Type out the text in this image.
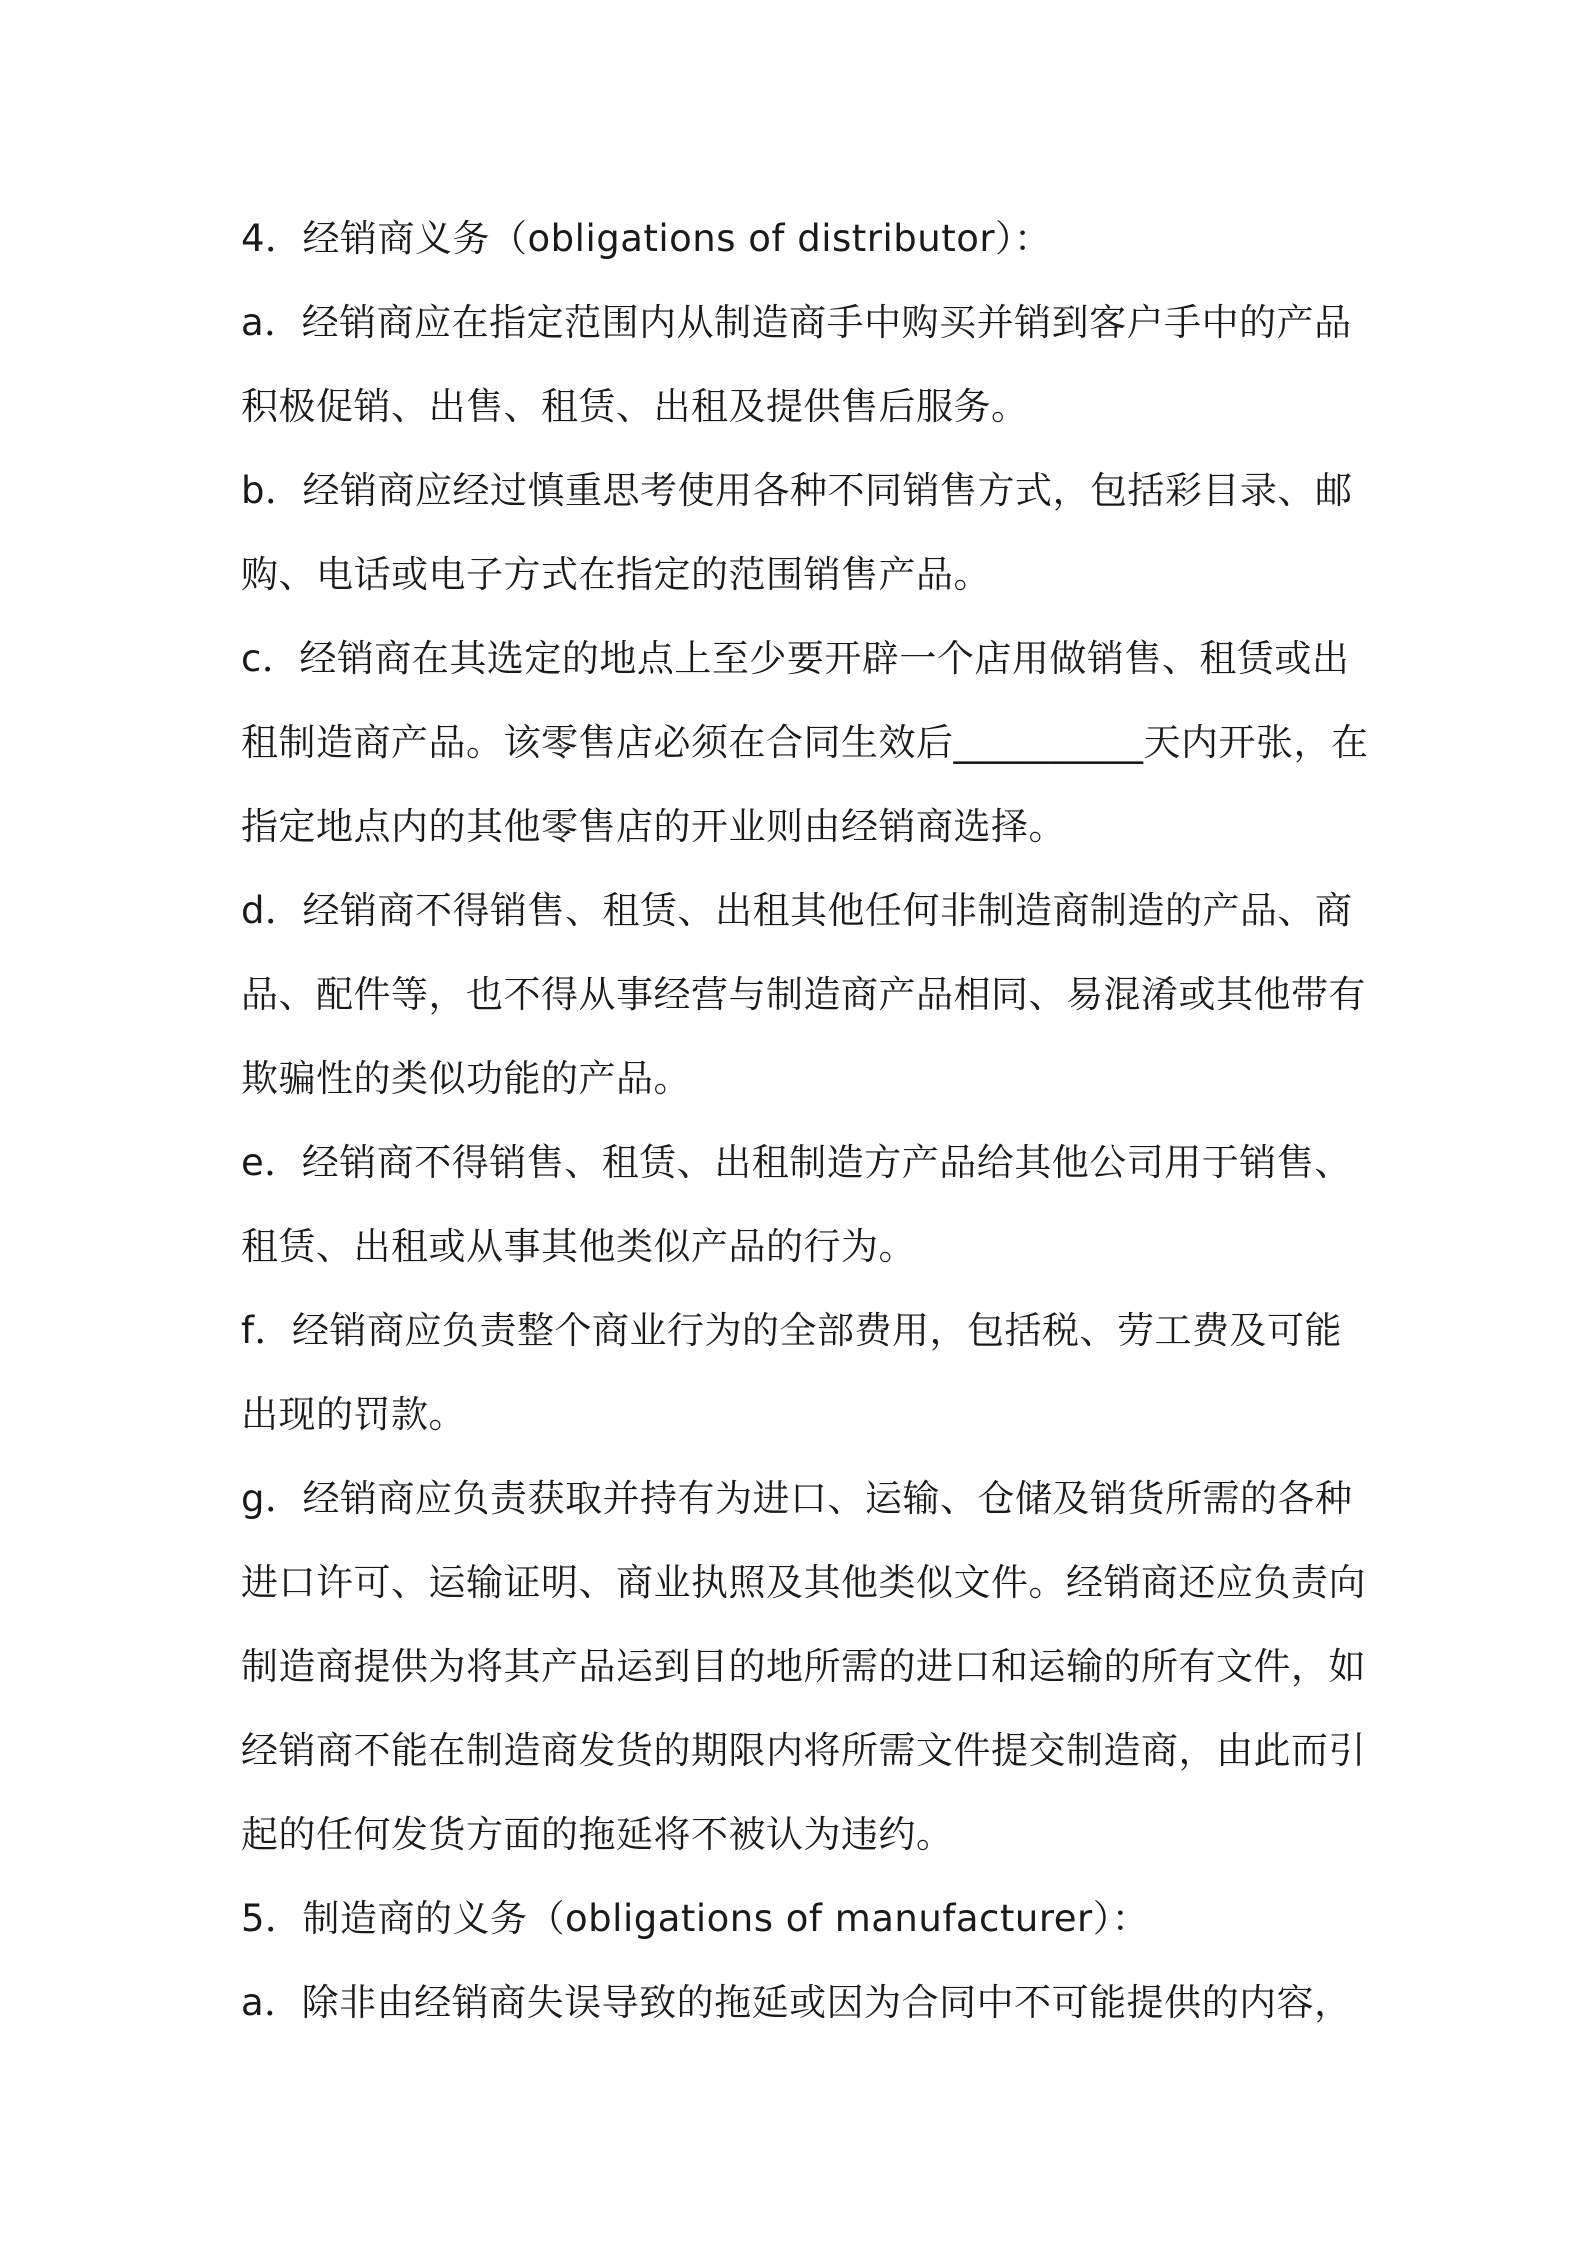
4．经销商义务（obligations of distributor）：
a．经销商应在指定范围内从制造商手中购买并销到客户手中的产品
积极促销、出售、租赁、出租及提供售后服务。
b．经销商应经过慎重思考使用各种不同销售方式，包括彩目录、邮
购、电话或电子方式在指定的范围销售产品。
c．经销商在其选定的地点上至少要开辟一个店用做销售、租赁或出
租制造商产品。该零售店必须在合同生效后__________天内开张，在
指定地点内的其他零售店的开业则由经销商选择。
d．经销商不得销售、租赁、出租其他任何非制造商制造的产品、商
品、配件等，也不得从事经营与制造商产品相同、易混淆或其他带有
欺骗性的类似功能的产品。
e．经销商不得销售、租赁、出租制造方产品给其他公司用于销售、
租赁、出租或从事其他类似产品的行为。
f．经销商应负责整个商业行为的全部费用，包括税、劳工费及可能
出现的罚款。
g．经销商应负责获取并持有为进口、运输、仓储及销货所需的各种
进口许可、运输证明、商业执照及其他类似文件。经销商还应负责向
制造商提供为将其产品运到目的地所需的进口和运输的所有文件，如
经销商不能在制造商发货的期限内将所需文件提交制造商，由此而引
起的任何发货方面的拖延将不被认为违约。
5．制造商的义务（obligations of manufacturer）：
a．除非由经销商失误导致的拖延或因为合同中不可能提供的内容，
